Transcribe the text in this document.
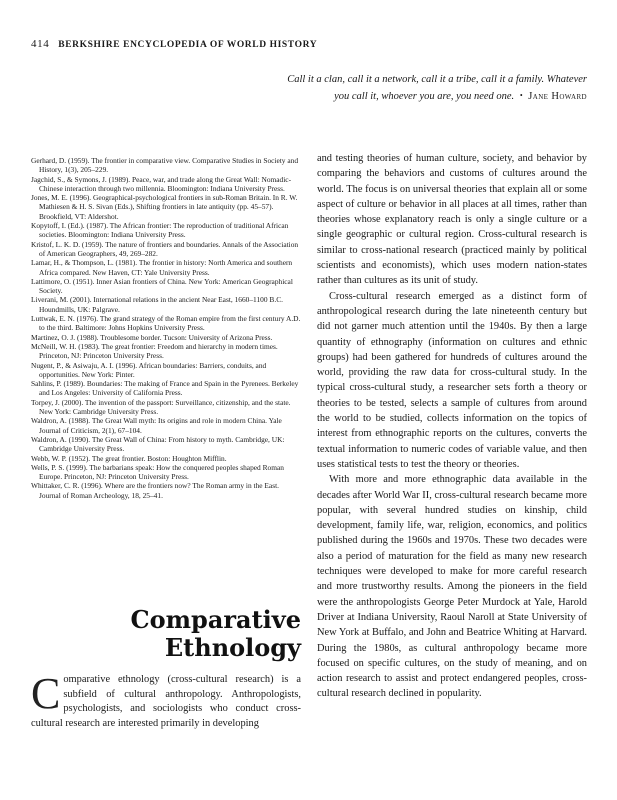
414 BERKSHIRE ENCYCLOPEDIA OF WORLD HISTORY
Call it a clan, call it a network, call it a tribe, call it a family. Whatever you call it, whoever you are, you need one. • Jane Howard
Gerhard, D. (1959). The frontier in comparative view. Comparative Studies in Society and History, 1(3), 205–229.
Jagchid, S., & Symons, J. (1989). Peace, war, and trade along the Great Wall: Nomadic-Chinese interaction through two millennia. Bloomington: Indiana University Press.
Jones, M. E. (1996). Geographical-psychological frontiers in sub-Roman Britain. In R. W. Mathiesen & H. S. Sivan (Eds.), Shifting frontiers in late antiquity (pp. 45–57). Brookfield, VT: Aldershot.
Kopytoff, I. (Ed.). (1987). The African frontier: The reproduction of traditional African societies. Bloomington: Indiana University Press.
Kristof, L. K. D. (1959). The nature of frontiers and boundaries. Annals of the Association of American Geographers, 49, 269–282.
Lamar, H., & Thompson, L. (1981). The frontier in history: North America and southern Africa compared. New Haven, CT: Yale University Press.
Lattimore, O. (1951). Inner Asian frontiers of China. New York: American Geographical Society.
Liverani, M. (2001). International relations in the ancient Near East, 1660–1100 B.C. Houndmills, UK: Palgrave.
Luttwak, E. N. (1976). The grand strategy of the Roman empire from the first century A.D. to the third. Baltimore: Johns Hopkins University Press.
Martinez, O. J. (1988). Troublesome border. Tucson: University of Arizona Press.
McNeill, W. H. (1983). The great frontier: Freedom and hierarchy in modern times. Princeton, NJ: Princeton University Press.
Nugent, P., & Asiwaju, A. I. (1996). African boundaries: Barriers, conduits, and opportunities. New York: Pinter.
Sahlins, P. (1989). Boundaries: The making of France and Spain in the Pyrenees. Berkeley and Los Angeles: University of California Press.
Torpey, J. (2000). The invention of the passport: Surveillance, citizenship, and the state. New York: Cambridge University Press.
Waldron, A. (1988). The Great Wall myth: Its origins and role in modern China. Yale Journal of Criticism, 2(1), 67–104.
Waldron, A. (1990). The Great Wall of China: From history to myth. Cambridge, UK: Cambridge University Press.
Webb, W. P. (1952). The great frontier. Boston: Houghton Mifflin.
Wells, P. S. (1999). The barbarians speak: How the conquered peoples shaped Roman Europe. Princeton, NJ: Princeton University Press.
Whittaker, C. R. (1996). Where are the frontiers now? The Roman army in the East. Journal of Roman Archeology, 18, 25–41.
Comparative
Ethnology

Comparative ethnology (cross-cultural research) is a subfield of cultural anthropology. Anthropologists, psychologists, and sociologists who conduct cross-cultural research are interested primarily in developing

and testing theories of human culture, society, and behavior by comparing the behaviors and customs of cultures around the world. The focus is on universal theories that explain all or some aspect of culture or behavior in all places at all times, rather than theories whose explanatory reach is only a single culture or a single geographic or cultural region. Cross-cultural research is similar to cross-national research (practiced mainly by political scientists and economists), which uses modern nation-states rather than cultures as its unit of study.

Cross-cultural research emerged as a distinct form of anthropological research during the late nineteenth century but did not garner much attention until the 1940s. By then a large quantity of ethnography (information on cultures and ethnic groups) had been gathered for hundreds of cultures around the world, providing the raw data for cross-cultural study. In the typical cross-cultural study, a researcher sets forth a theory or theories to be tested, selects a sample of cultures from around the world to be studied, collects information on the topics of interest from ethnographic reports on the cultures, converts the textual information to numeric codes of variable value, and then uses statistical tests to test the theory or theories.

With more and more ethnographic data available in the decades after World War II, cross-cultural research became more popular, with several hundred studies on kinship, child development, family life, war, religion, economics, and politics published during the 1960s and 1970s. These two decades were also a period of maturation for the field as many new research techniques were developed to make for more careful research and more trustworthy results. Among the pioneers in the field were the anthropologists George Peter Murdock at Yale, Harold Driver at Indiana University, Raoul Naroll at State University of New York at Buffalo, and John and Beatrice Whiting at Harvard. During the 1980s, as cultural anthropology became more focused on specific cultures, on the study of meaning, and on action research to assist and protect endangered peoples, cross-cultural research declined in popularity.
